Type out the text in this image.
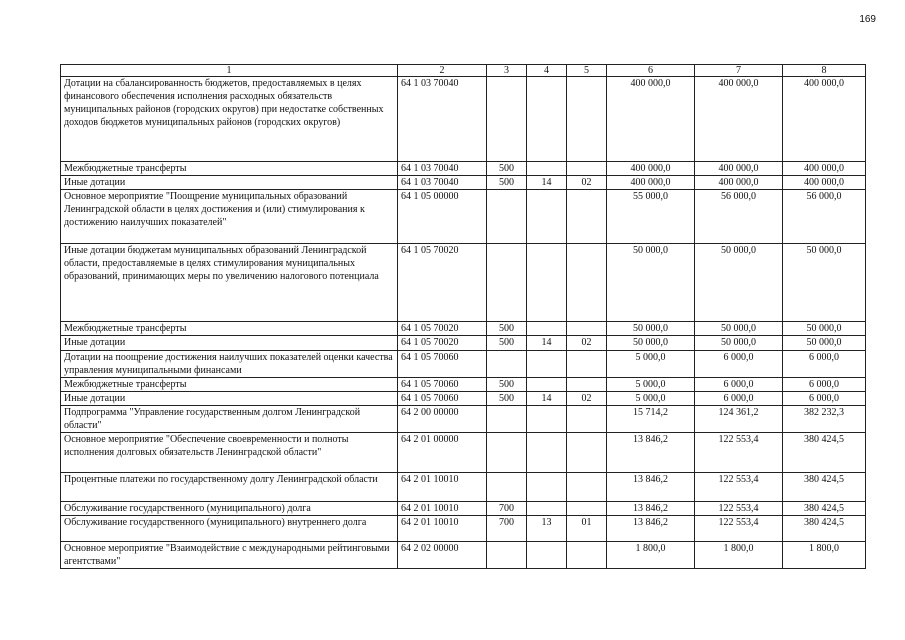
169
1	2	3	4	5	6	7	8
Дотации на сбалансированность бюджетов, предоставляемых в целях финансового обеспечения исполнения расходных обязательств муниципальных районов (городских округов) при недостатке собственных доходов бюджетов муниципальных районов (городских округов)	64 1 03 70040				400 000,0	400 000,0	400 000,0
Межбюджетные трансферты	64 1 03 70040	500			400 000,0	400 000,0	400 000,0
Иные дотации	64 1 03 70040	500	14	02	400 000,0	400 000,0	400 000,0
Основное мероприятие "Поощрение муниципальных образований Ленинградской области в целях достижения и (или) стимулирования к достижению наилучших показателей"	64 1 05 00000				55 000,0	56 000,0	56 000,0
Иные дотации бюджетам муниципальных образований Ленинградской области, предоставляемые в целях стимулирования муниципальных образований, принимающих меры по увеличению налогового потенциала	64 1 05 70020				50 000,0	50 000,0	50 000,0
Межбюджетные трансферты	64 1 05 70020	500			50 000,0	50 000,0	50 000,0
Иные дотации	64 1 05 70020	500	14	02	50 000,0	50 000,0	50 000,0
Дотации на поощрение достижения наилучших показателей оценки качества управления муниципальными финансами	64 1 05 70060				5 000,0	6 000,0	6 000,0
Межбюджетные трансферты	64 1 05 70060	500			5 000,0	6 000,0	6 000,0
Иные дотации	64 1 05 70060	500	14	02	5 000,0	6 000,0	6 000,0
Подпрограмма "Управление государственным долгом Ленинградской области"	64 2 00 00000				15 714,2	124 361,2	382 232,3
Основное мероприятие "Обеспечение своевременности и полноты исполнения долговых обязательств Ленинградской области"	64 2 01 00000				13 846,2	122 553,4	380 424,5
Процентные платежи по государственному долгу Ленинградской области	64 2 01 10010				13 846,2	122 553,4	380 424,5
Обслуживание государственного (муниципального) долга	64 2 01 10010	700			13 846,2	122 553,4	380 424,5
Обслуживание государственного (муниципального) внутреннего долга	64 2 01 10010	700	13	01	13 846,2	122 553,4	380 424,5
Основное мероприятие "Взаимодействие с международными рейтинговыми агентствами"	64 2 02 00000				1 800,0	1 800,0	1 800,0
